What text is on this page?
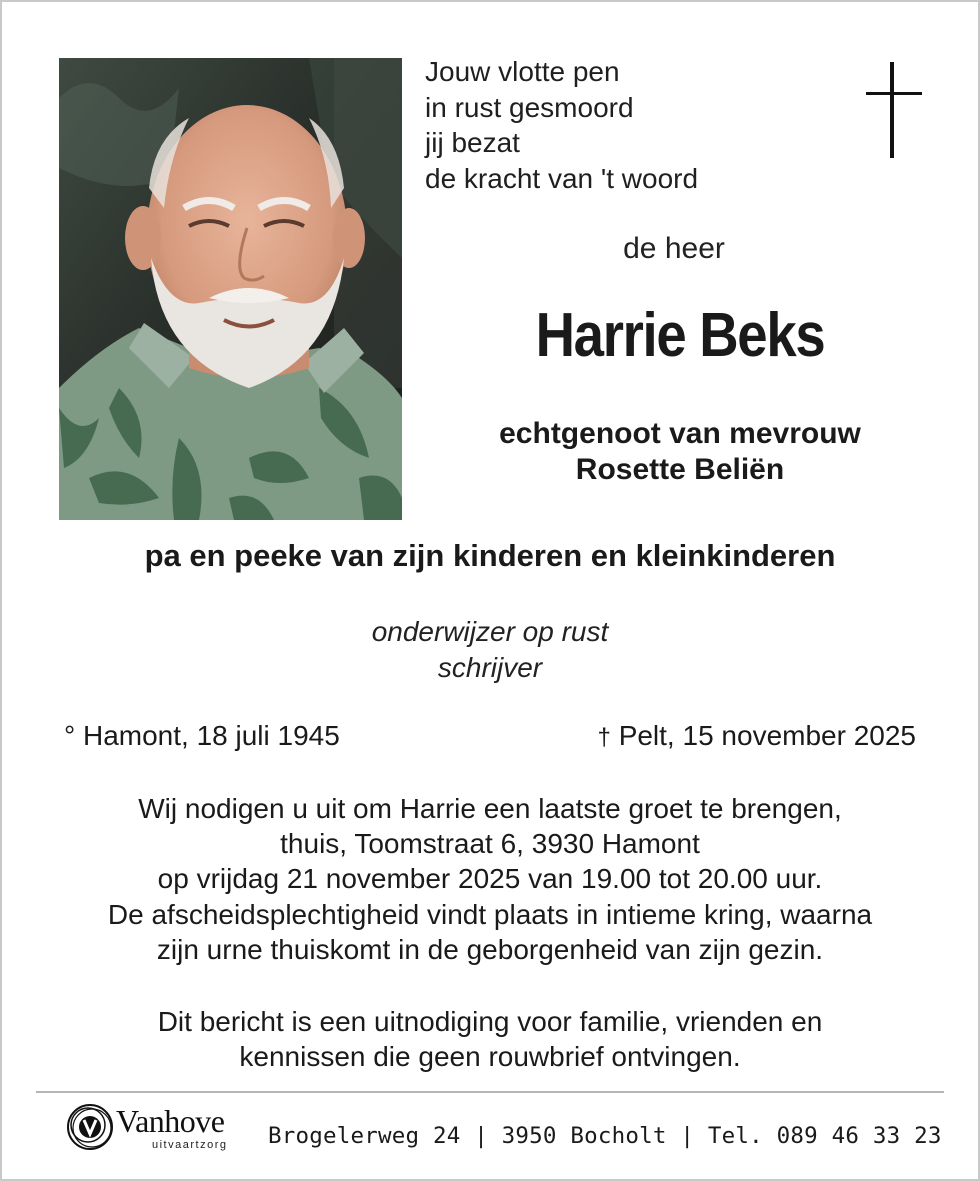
Jouw vlotte pen
in rust gesmoord
jij bezat
de kracht van 't woord
de heer
Harrie Beks
echtgenoot van mevrouw
Rosette Beliën
pa en peeke van zijn kinderen en kleinkinderen
onderwijzer op rust
schrijver
° Hamont, 18 juli 1945	† Pelt, 15 november 2025
Wij nodigen u uit om Harrie een laatste groet te brengen,
thuis, Toomstraat 6, 3930 Hamont
op vrijdag 21 november 2025 van 19.00 tot 20.00 uur.
De afscheidsplechtigheid vindt plaats in intieme kring, waarna
zijn urne thuiskomt in de geborgenheid van zijn gezin.
Dit bericht is een uitnodiging voor familie, vrienden en
kennissen die geen rouwbrief ontvingen.
Vanhove
uitvaartzorg Brogelerweg 24 | 3950 Bocholt | Tel. 089 46 33 23
